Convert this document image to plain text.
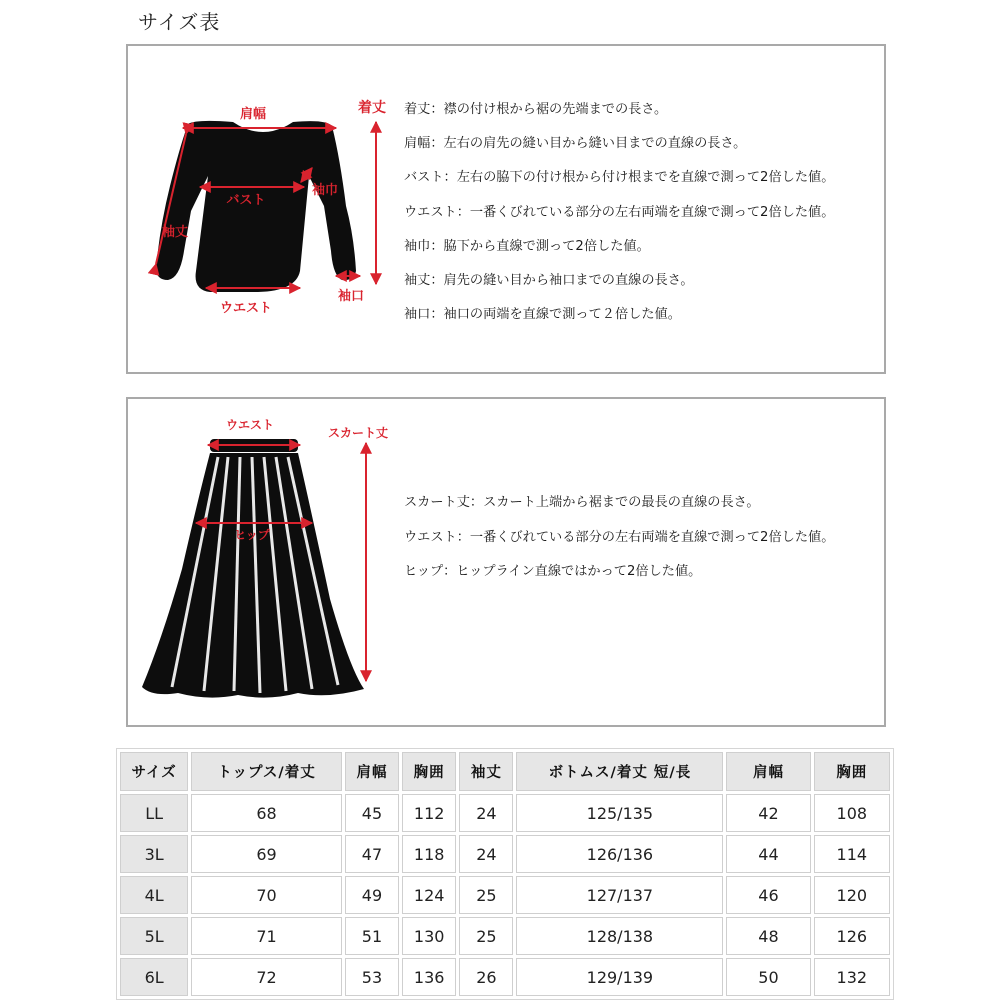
サイズ表
肩幅
バスト
袖巾
袖丈
ウエスト
袖口
着丈 着丈：襟の付け根から裾の先端までの長さ。
肩幅：左右の肩先の縫い目から縫い目までの直線の長さ。
バスト：左右の脇下の付け根から付け根までを直線で測って2倍した値。
ウエスト：一番くびれている部分の左右両端を直線で測って2倍した値。
袖巾：脇下から直線で測って2倍した値。
袖丈：肩先の縫い目から袖口までの直線の長さ。
袖口：袖口の両端を直線で測って２倍した値。
ウエスト
ヒップ
スカート丈
スカート丈：スカート上端から裾までの最長の直線の長さ。
ウエスト：一番くびれている部分の左右両端を直線で測って2倍した値。
ヒップ：ヒップライン直線ではかって2倍した値。
サイズ	トップス/着丈	肩幅	胸囲	袖丈	ボトムス/着丈 短/長	肩幅	胸囲
LL	68	45	112	24	125/135	42	108
3L	69	47	118	24	126/136	44	114
4L	70	49	124	25	127/137	46	120
5L	71	51	130	25	128/138	48	126
6L	72	53	136	26	129/139	50	132
